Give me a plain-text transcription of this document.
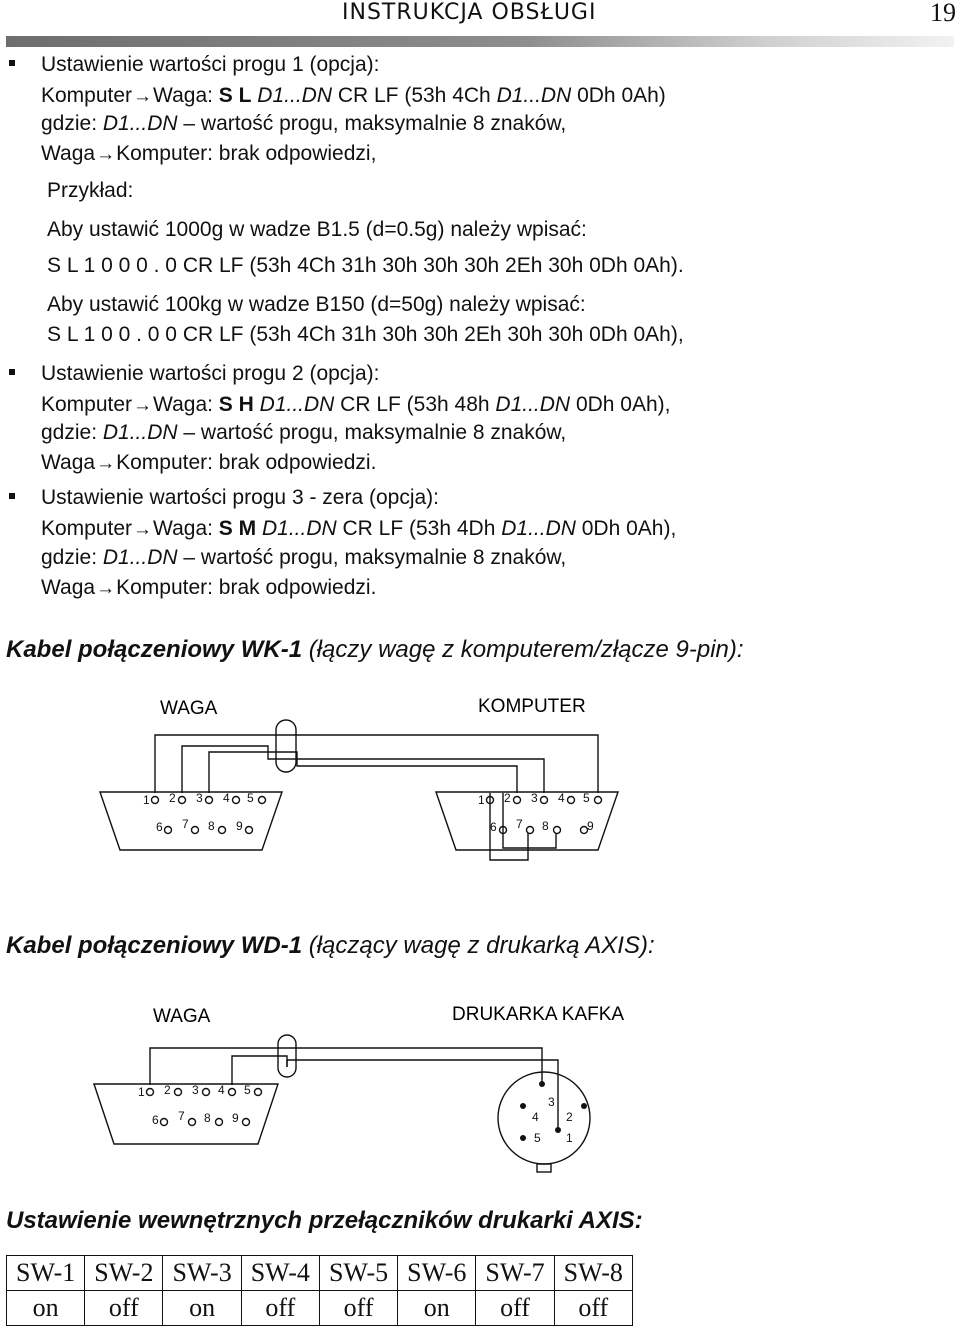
INSTRUKCJA OBSŁUGI	19
Ustawienie wartości progu 1 (opcja):
Komputer→Waga: S L D1...DN CR LF (53h 4Ch D1...DN 0Dh 0Ah)
gdzie: D1...DN – wartość progu, maksymalnie 8 znaków,
Waga→Komputer: brak odpowiedzi,
Przykład:
Aby ustawić 1000g w wadze B1.5 (d=0.5g) należy wpisać:
S L 1 0 0 0 . 0 CR LF (53h 4Ch 31h 30h 30h 30h 2Eh 30h 0Dh 0Ah).
Aby ustawić 100kg w wadze B150 (d=50g) należy wpisać:
S L 1 0 0 . 0 0 CR LF (53h 4Ch 31h 30h 30h 2Eh 30h 30h 0Dh 0Ah),
Ustawienie wartości progu 2 (opcja):
Komputer→Waga: S H D1...DN CR LF (53h 48h D1...DN 0Dh 0Ah),
gdzie: D1...DN – wartość progu, maksymalnie 8 znaków,
Waga→Komputer: brak odpowiedzi.
Ustawienie wartości progu 3 - zera (opcja):
Komputer→Waga: S M D1...DN CR LF (53h 4Dh D1...DN 0Dh 0Ah),
gdzie: D1...DN – wartość progu, maksymalnie 8 znaków,
Waga→Komputer: brak odpowiedzi.
Kabel połączeniowy WK-1 (łączy wagę z komputerem/złącze 9-pin):
WAGA	KOMPUTER
1 2 3 4 5
6 7 8 9
1 2 3 4 5
6 7 8	9
Kabel połączeniowy WD-1 (łączący wagę z drukarką AXIS):
WAGA	DRUKARKA KAFKA
1 2 3 4 5
6 7 8 9
3
4 2
5 1
Ustawienie wewnętrznych przełączników drukarki AXIS:
SW-1	SW-2	SW-3	SW-4	SW-5	SW-6	SW-7	SW-8
on	off	on	off	off	on	off	off
